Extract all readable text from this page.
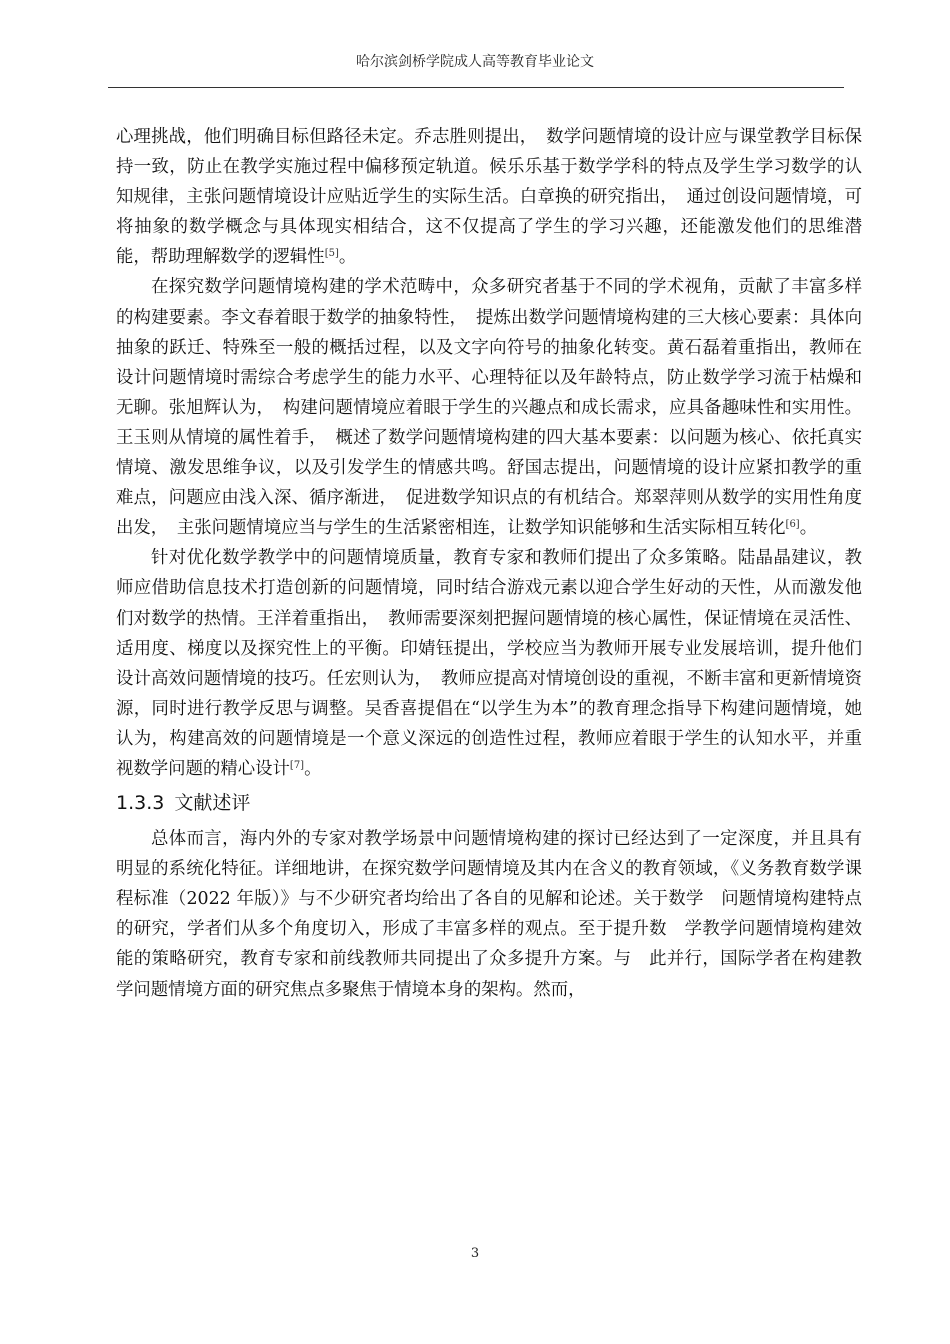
哈尔滨剑桥学院成人高等教育毕业论文

心理挑战，他们明确目标但路径未定。乔志胜则提出，　数学问题情境的设计应与课堂教学目标保持一致，防止在教学实施过程中偏移预定轨道。候乐乐基于数学学科的特点及学生学习数学的认知规律，主张问题情境设计应贴近学生的实际生活。白章换的研究指出，　通过创设问题情境，可将抽象的数学概念与具体现实相结合，这不仅提高了学生的学习兴趣，还能激发他们的思维潜能，帮助理解数学的逻辑性[5]。

在探究数学问题情境构建的学术范畴中，众多研究者基于不同的学术视角，贡献了丰富多样的构建要素。李文春着眼于数学的抽象特性，　提炼出数学问题情境构建的三大核心要素：具体向抽象的跃迁、特殊至一般的概括过程，以及文字向符号的抽象化转变。黄石磊着重指出，教师在设计问题情境时需综合考虑学生的能力水平、心理特征以及年龄特点，防止数学学习流于枯燥和无聊。张旭辉认为，　构建问题情境应着眼于学生的兴趣点和成长需求，应具备趣味性和实用性。王玉则从情境的属性着手，　概述了数学问题情境构建的四大基本要素：以问题为核心、依托真实情境、激发思维争议，以及引发学生的情感共鸣。舒国志提出，问题情境的设计应紧扣教学的重难点，问题应由浅入深、循序渐进，　促进数学知识点的有机结合。郑翠萍则从数学的实用性角度出发，　主张问题情境应当与学生的生活紧密相连，让数学知识能够和生活实际相互转化[6]。

针对优化数学教学中的问题情境质量，教育专家和教师们提出了众多策略。陆晶晶建议，教师应借助信息技术打造创新的问题情境，同时结合游戏元素以迎合学生好动的天性，从而激发他们对数学的热情。王洋着重指出，　教师需要深刻把握问题情境的核心属性，保证情境在灵活性、适用度、梯度以及探究性上的平衡。印婧钰提出，学校应当为教师开展专业发展培训，提升他们设计高效问题情境的技巧。任宏则认为，　教师应提高对情境创设的重视，不断丰富和更新情境资源，同时进行教学反思与调整。吴香喜提倡在“以学生为本”的教育理念指导下构建问题情境，她认为，构建高效的问题情境是一个意义深远的创造性过程，教师应着眼于学生的认知水平，并重视数学问题的精心设计[7]。

1.3.3 文献述评

总体而言，海内外的专家对教学场景中问题情境构建的探讨已经达到了一定深度，并且具有明显的系统化特征。详细地讲，在探究数学问题情境及其内在含义的教育领域，《义务教育数学课程标准（2022 年版）》与不少研究者均给出了各自的见解和论述。关于数学　问题情境构建特点的研究，学者们从多个角度切入，形成了丰富多样的观点。至于提升数　学教学问题情境构建效能的策略研究，教育专家和前线教师共同提出了众多提升方案。与　此并行，国际学者在构建教学问题情境方面的研究焦点多聚焦于情境本身的架构。然而，

3
